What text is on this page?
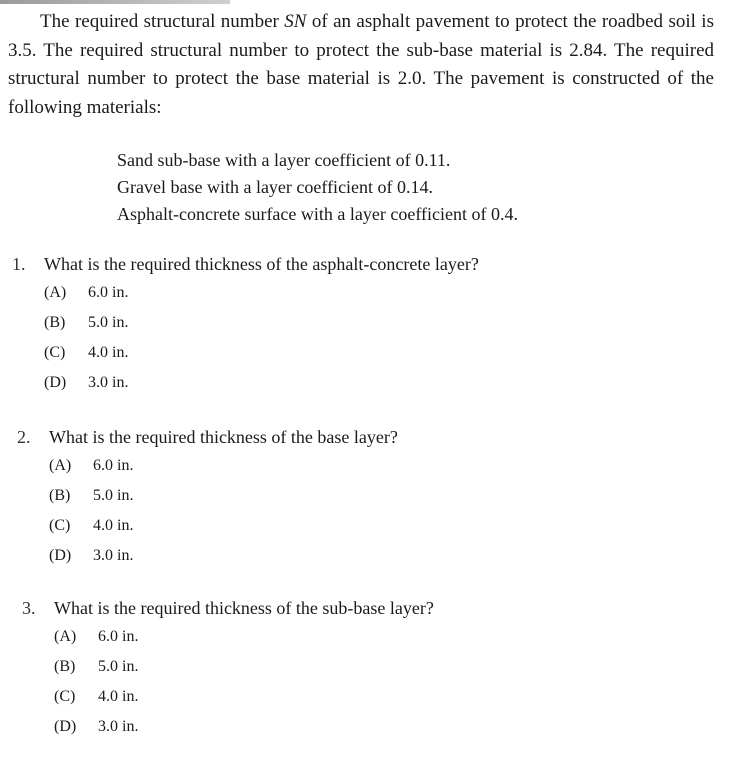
The required structural number SN of an asphalt pavement to protect the roadbed soil is 3.5. The required structural number to protect the sub-base material is 2.84. The required structural number to protect the base material is 2.0. The pavement is constructed of the following materials:

Sand sub-base with a layer coefficient of 0.11.
Gravel base with a layer coefficient of 0.14.
Asphalt-concrete surface with a layer coefficient of 0.4.
1.	What is the required thickness of the asphalt-concrete layer?
(A)	6.0 in.
(B)	5.0 in.
(C)	4.0 in.
(D)	3.0 in.
2.	What is the required thickness of the base layer?
(A)	6.0 in.
(B)	5.0 in.
(C)	4.0 in.
(D)	3.0 in.
3.	What is the required thickness of the sub-base layer?
(A)	6.0 in.
(B)	5.0 in.
(C)	4.0 in.
(D)	3.0 in.
